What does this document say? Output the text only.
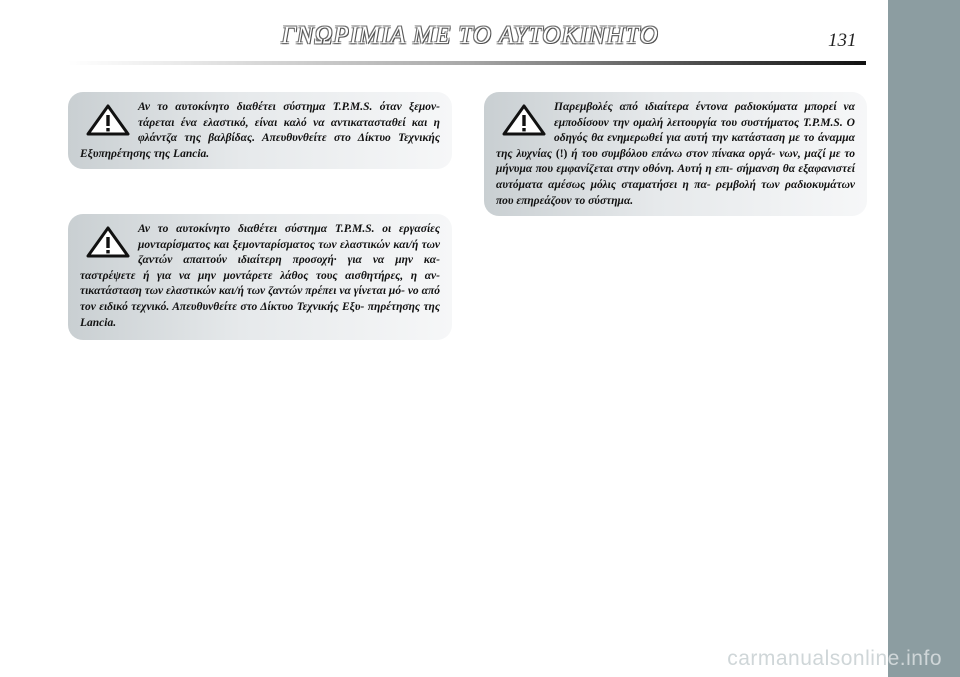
ΓΝΩΡΙΜΙΑ ΜΕ ΤΟ ΑΥΤΟΚΙΝΗΤΟ	131
Αν το αυτοκίνητο διαθέτει σύστημα T.P.M.S. όταν ξεμον- τάρεται ένα ελαστικό, είναι καλό να αντικατασταθεί και η φλάντζα της βαλβίδας. Απευθυνθείτε στο Δίκτυο Τεχνικής Εξυπηρέτησης της Lancia.
Αν το αυτοκίνητο διαθέτει σύστημα T.P.M.S. οι εργασίες μονταρίσματος και ξεμονταρίσματος των ελαστικών και/ή των ζαντών απαιτούν ιδιαίτερη προσοχή· για να μην κα- ταστρέψετε ή για να μην μοντάρετε λάθος τους αισθητήρες, η αν- τικατάσταση των ελαστικών και/ή των ζαντών πρέπει να γίνεται μό- νο από τον ειδικό τεχνικό. Απευθυνθείτε στο Δίκτυο Τεχνικής Εξυ- πηρέτησης της Lancia.
Παρεμβολές από ιδιαίτερα έντονα ραδιοκύματα μπορεί να εμποδίσουν την ομαλή λειτουργία του συστήματος T.P.M.S. Ο οδηγός θα ενημερωθεί για αυτή την κατάσταση με το άναμμα της λυχνίας (!) ή του συμβόλου επάνω στον πίνακα οργά- νων, μαζί με το μήνυμα που εμφανίζεται στην οθόνη. Αυτή η επι- σήμανση θα εξαφανιστεί αυτόματα αμέσως μόλις σταματήσει η πα- ρεμβολή των ραδιοκυμάτων που επηρεάζουν το σύστημα.
carmanualsonline.info
